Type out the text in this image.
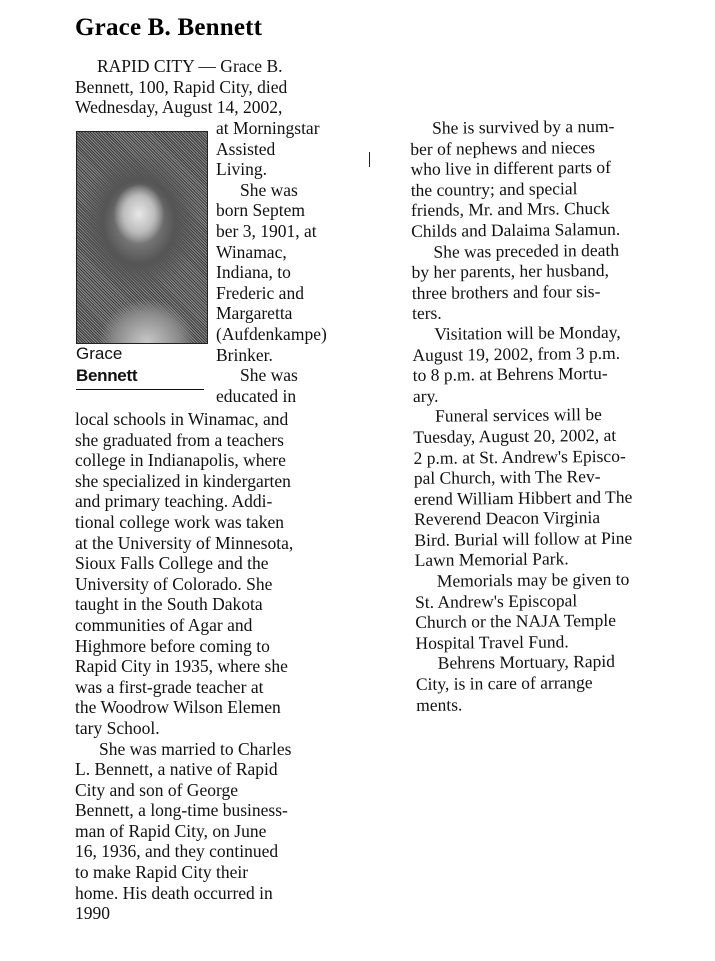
Grace B. Bennett
RAPID CITY — Grace B.
Bennett, 100, Rapid City, died
Wednesday, August 14, 2002,
Grace
Bennett
at Morningstar
Assisted
Living.
She was
born Septem
ber 3, 1901, at
Winamac,
Indiana, to
Frederic and
Margaretta
(Aufdenkampe)
Brinker.
She was
educated in
local schools in Winamac, and
she graduated from a teachers
college in Indianapolis, where
she specialized in kindergarten
and primary teaching. Addi-
tional college work was taken
at the University of Minnesota,
Sioux Falls College and the
University of Colorado. She
taught in the South Dakota
communities of Agar and
Highmore before coming to
Rapid City in 1935, where she
was a first-grade teacher at
the Woodrow Wilson Elemen
tary School.
She was married to Charles
L. Bennett, a native of Rapid
City and son of George
Bennett, a long-time business-
man of Rapid City, on June
16, 1936, and they continued
to make Rapid City their
home. His death occurred in
1990
She is survived by a num-
ber of nephews and nieces
who live in different parts of
the country; and special
friends, Mr. and Mrs. Chuck
Childs and Dalaima Salamun.
She was preceded in death
by her parents, her husband,
three brothers and four sis-
ters.
Visitation will be Monday,
August 19, 2002, from 3 p.m.
to 8 p.m. at Behrens Mortu-
ary.
Funeral services will be
Tuesday, August 20, 2002, at
2 p.m. at St. Andrew's Episco-
pal Church, with The Rev-
erend William Hibbert and The
Reverend Deacon Virginia
Bird. Burial will follow at Pine
Lawn Memorial Park.
Memorials may be given to
St. Andrew's Episcopal
Church or the NAJA Temple
Hospital Travel Fund.
Behrens Mortuary, Rapid
City, is in care of arrange
ments.
